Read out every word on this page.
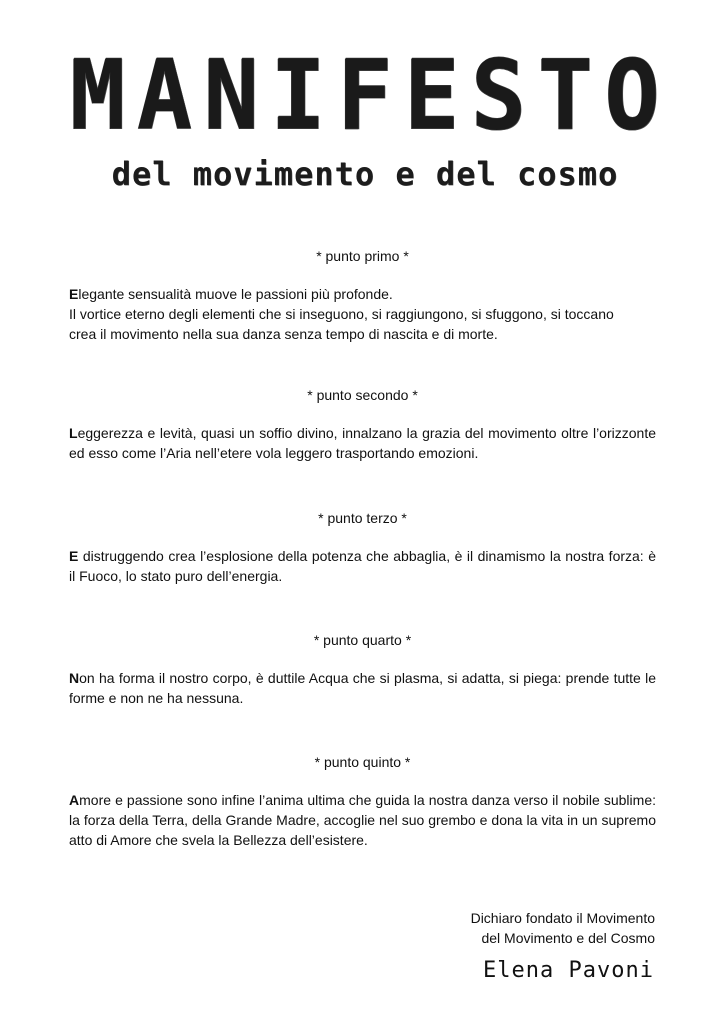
M A N I F E S T O
del movimento e del cosmo

* punto primo *

Elegante sensualità muove le passioni più profonde.
Il vortice eterno degli elementi che si inseguono, si raggiungono, si sfuggono, si toccano
crea il movimento nella sua danza senza tempo di nascita e di morte.

* punto secondo *

Leggerezza e levità, quasi un soffio divino, innalzano la grazia del movimento oltre l’orizzonte ed esso come l’Aria nell’etere vola leggero trasportando emozioni.

* punto terzo *

E distruggendo crea l’esplosione della potenza che abbaglia, è il dinamismo la nostra forza: è il Fuoco, lo stato puro dell’energia.

* punto quarto *

Non ha forma il nostro corpo, è duttile Acqua che si plasma, si adatta, si piega: prende tutte le forme e non ne ha nessuna.

* punto quinto *

Amore e passione sono infine l’anima ultima che guida la nostra danza verso il nobile sublime: la forza della Terra, della Grande Madre, accoglie nel suo grembo e dona la vita in un supremo atto di Amore che svela la Bellezza dell’esistere.

Dichiaro fondato il Movimento
del Movimento e del Cosmo
Elena Pavoni
